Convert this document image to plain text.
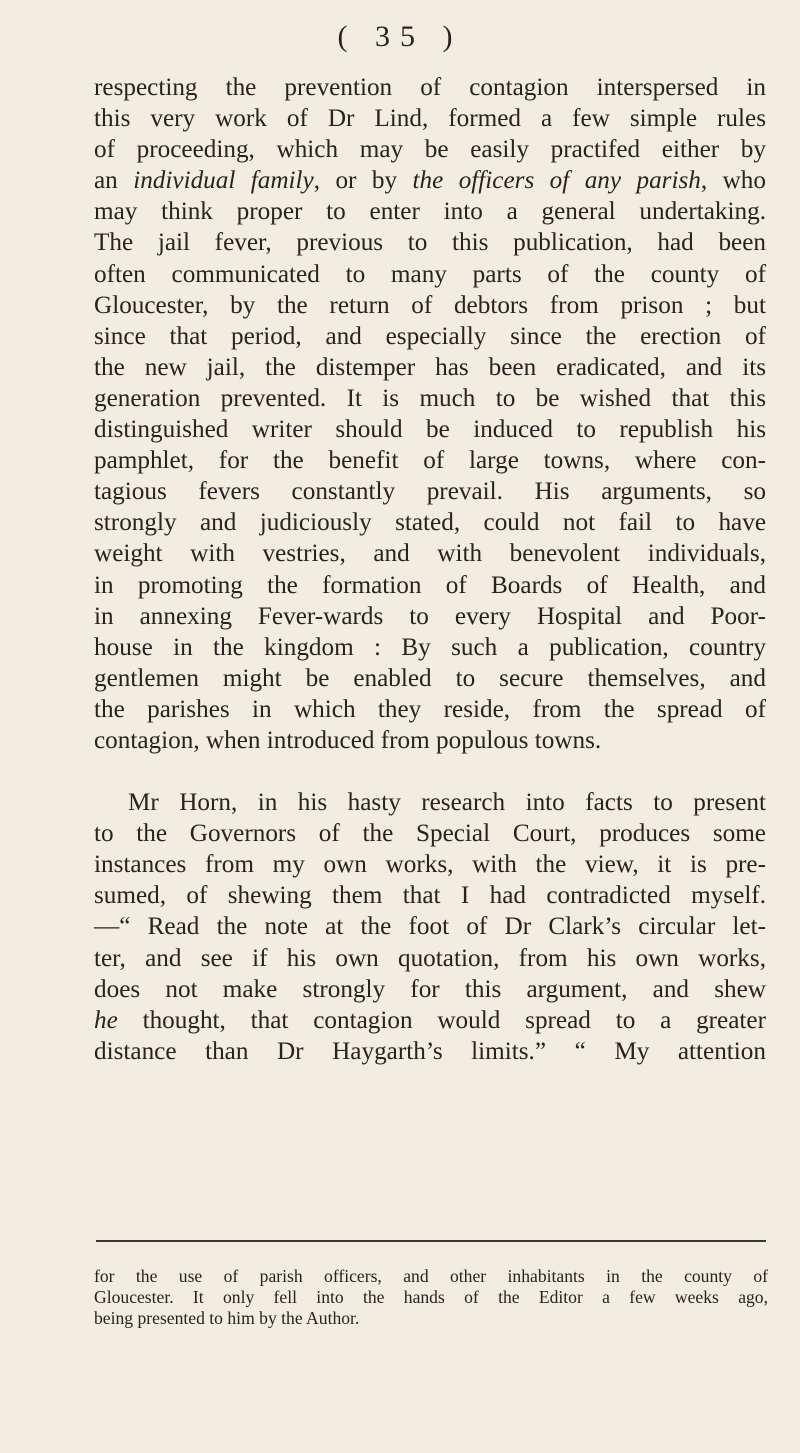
( 35 )
respecting the prevention of contagion interspersed in
this very work of Dr Lind, formed a few simple rules
of proceeding, which may be easily practifed either by
an individual family, or by the officers of any parish, who
may think proper to enter into a general undertaking.
The jail fever, previous to this publication, had been
often communicated to many parts of the county of
Gloucester, by the return of debtors from prison ; but
since that period, and especially since the erection of
the new jail, the distemper has been eradicated, and its
generation prevented. It is much to be wished that this
distinguished writer should be induced to republish his
pamphlet, for the benefit of large towns, where con-
tagious fevers constantly prevail. His arguments, so
strongly and judiciously stated, could not fail to have
weight with vestries, and with benevolent individuals,
in promoting the formation of Boards of Health, and
in annexing Fever-wards to every Hospital and Poor-
house in the kingdom : By such a publication, country
gentlemen might be enabled to secure themselves, and
the parishes in which they reside, from the spread of
contagion, when introduced from populous towns.
Mr Horn, in his hasty research into facts to present
to the Governors of the Special Court, produces some
instances from my own works, with the view, it is pre-
sumed, of shewing them that I had contradicted myself.
—“ Read the note at the foot of Dr Clark’s circular let-
ter, and see if his own quotation, from his own works,
does not make strongly for this argument, and shew
he thought, that contagion would spread to a greater
distance than Dr Haygarth’s limits.” “ My attention
for the use of parish officers, and other inhabitants in the county of
Gloucester. It only fell into the hands of the Editor a few weeks ago,
being presented to him by the Author.
